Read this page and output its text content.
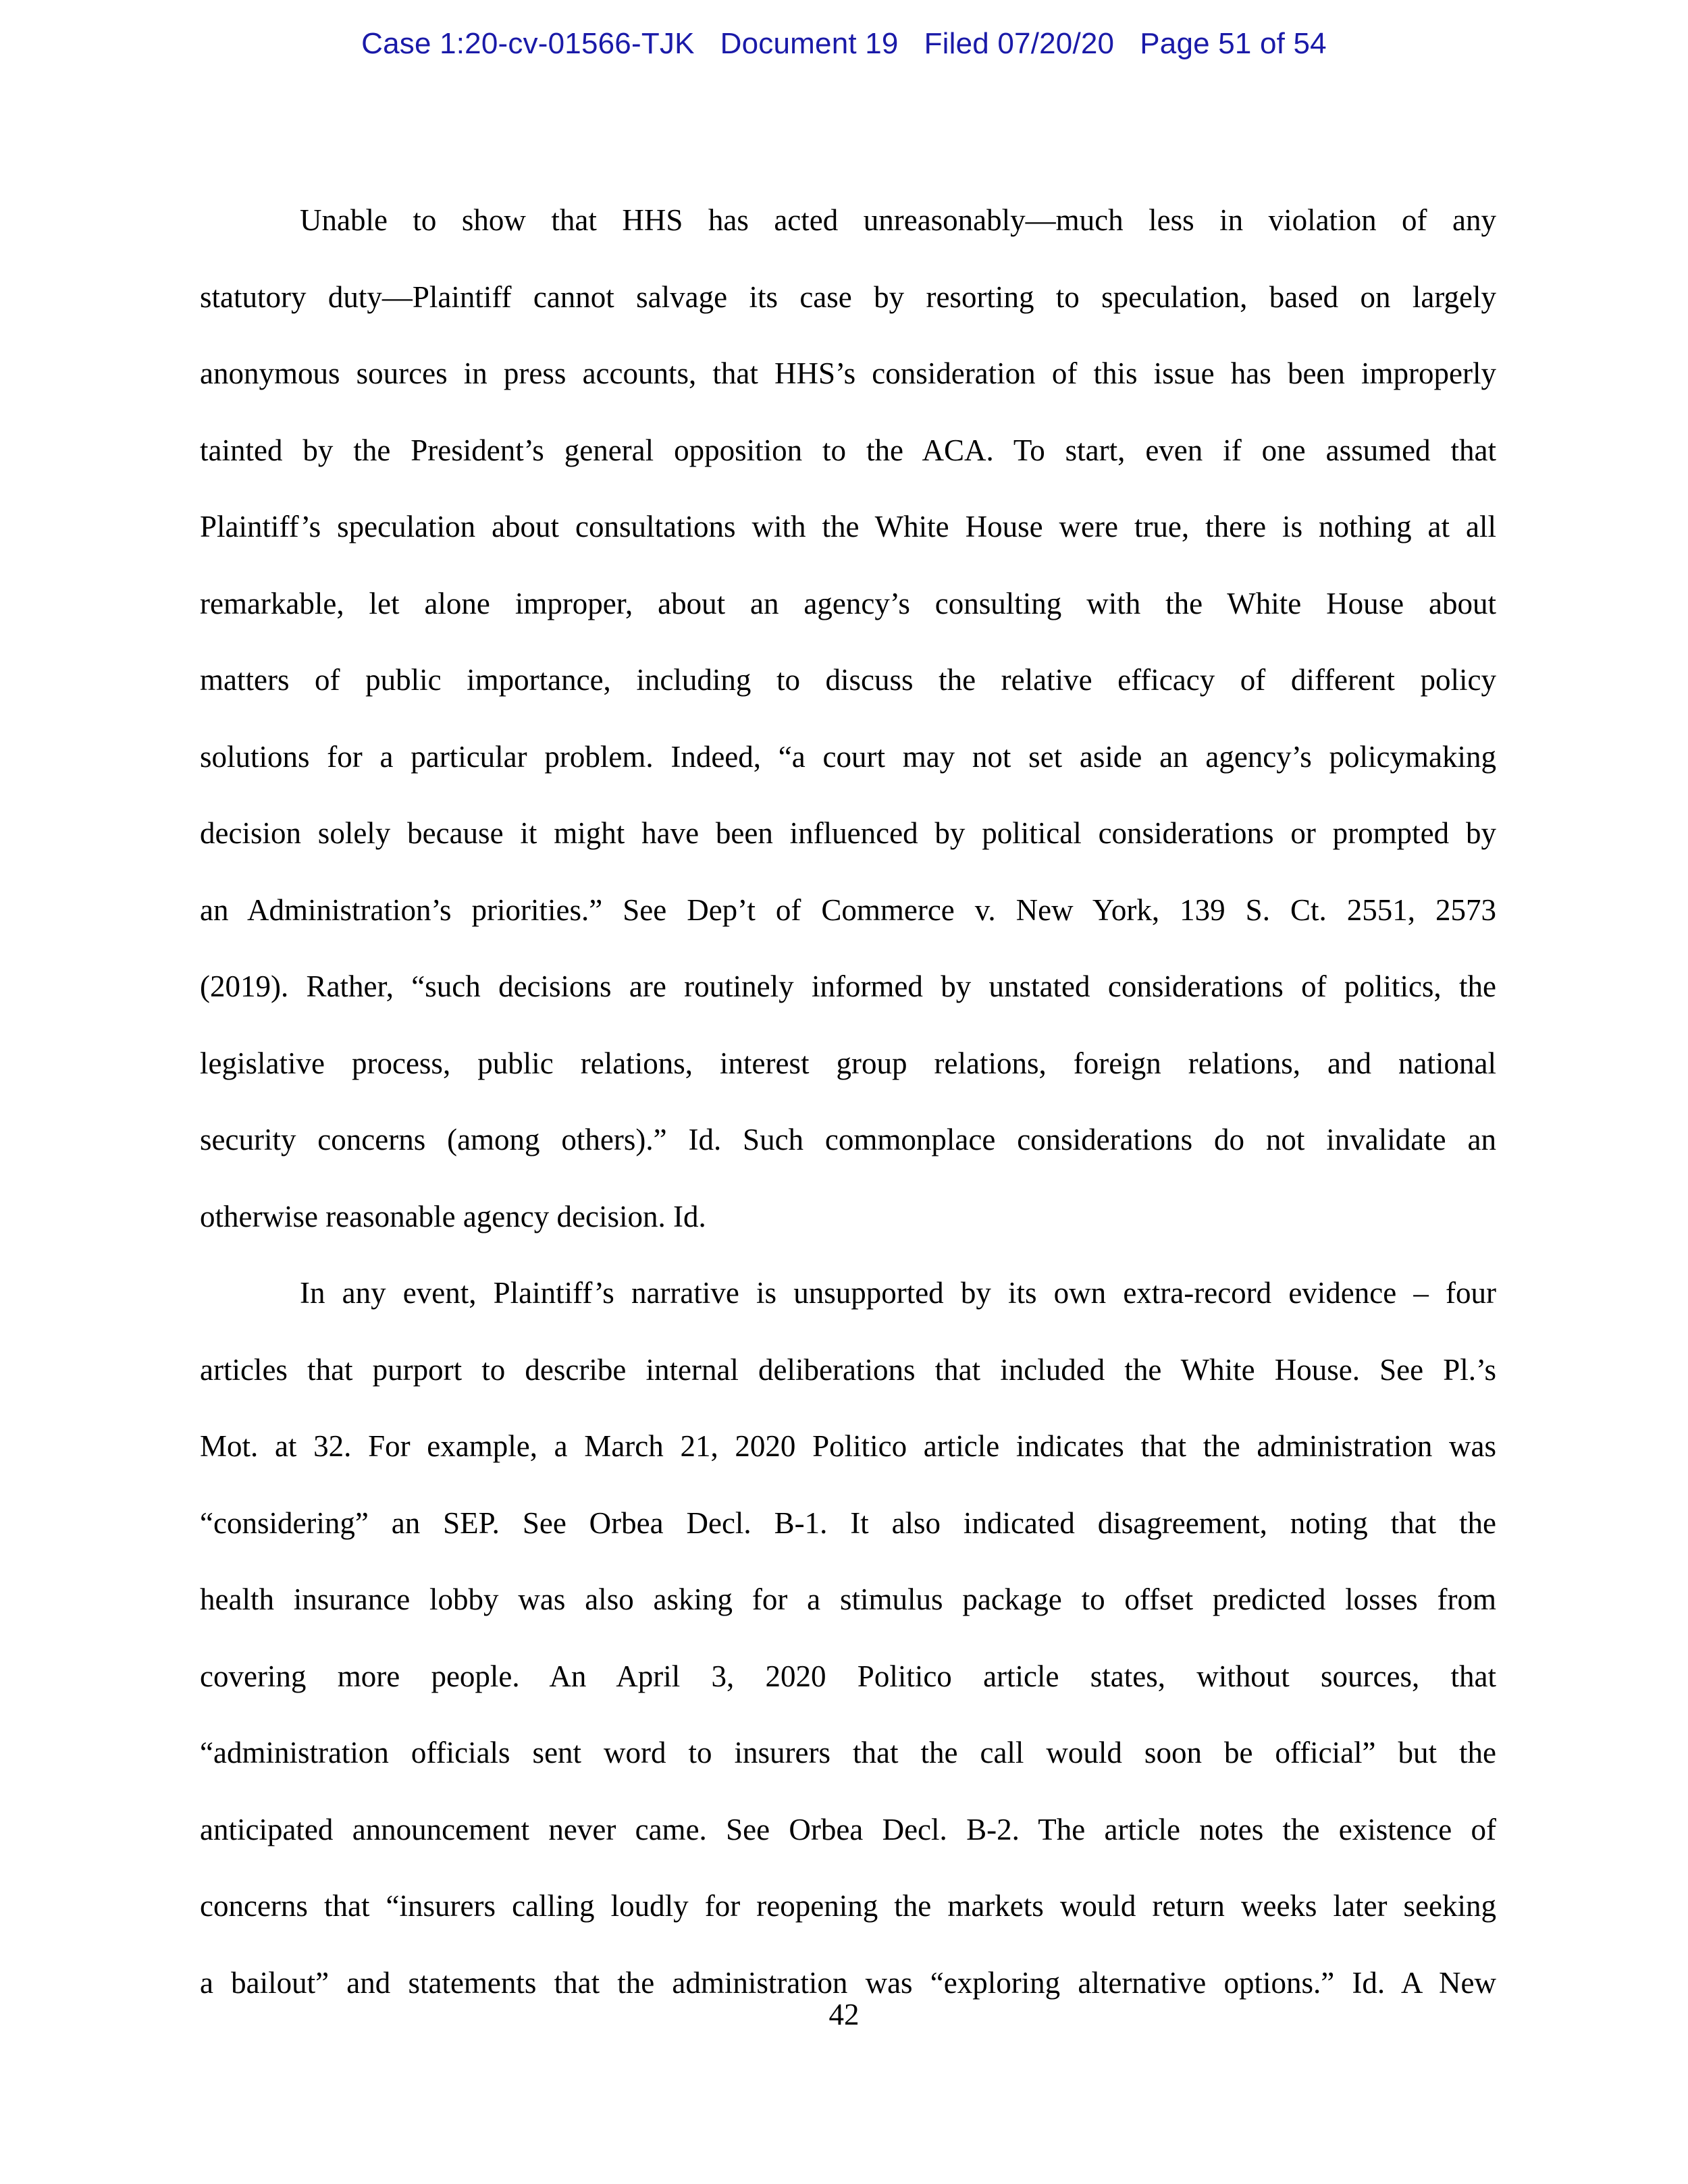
Case 1:20-cv-01566-TJK Document 19 Filed 07/20/20 Page 51 of 54
Unable to show that HHS has acted unreasonably—much less in violation of any
statutory duty—Plaintiff cannot salvage its case by resorting to speculation, based on largely
anonymous sources in press accounts, that HHS’s consideration of this issue has been improperly
tainted by the President’s general opposition to the ACA. To start, even if one assumed that
Plaintiff’s speculation about consultations with the White House were true, there is nothing at all
remarkable, let alone improper, about an agency’s consulting with the White House about
matters of public importance, including to discuss the relative efficacy of different policy
solutions for a particular problem. Indeed, “a court may not set aside an agency’s policymaking
decision solely because it might have been influenced by political considerations or prompted by
an Administration’s priorities.” See Dep’t of Commerce v. New York, 139 S. Ct. 2551, 2573
(2019). Rather, “such decisions are routinely informed by unstated considerations of politics, the
legislative process, public relations, interest group relations, foreign relations, and national
security concerns (among others).” Id. Such commonplace considerations do not invalidate an
otherwise reasonable agency decision. Id.
In any event, Plaintiff’s narrative is unsupported by its own extra-record evidence – four
articles that purport to describe internal deliberations that included the White House. See Pl.’s
Mot. at 32. For example, a March 21, 2020 Politico article indicates that the administration was
“considering” an SEP. See Orbea Decl. B-1. It also indicated disagreement, noting that the
health insurance lobby was also asking for a stimulus package to offset predicted losses from
covering more people. An April 3, 2020 Politico article states, without sources, that
“administration officials sent word to insurers that the call would soon be official” but the
anticipated announcement never came. See Orbea Decl. B-2. The article notes the existence of
concerns that “insurers calling loudly for reopening the markets would return weeks later seeking
a bailout” and statements that the administration was “exploring alternative options.” Id. A New
42
